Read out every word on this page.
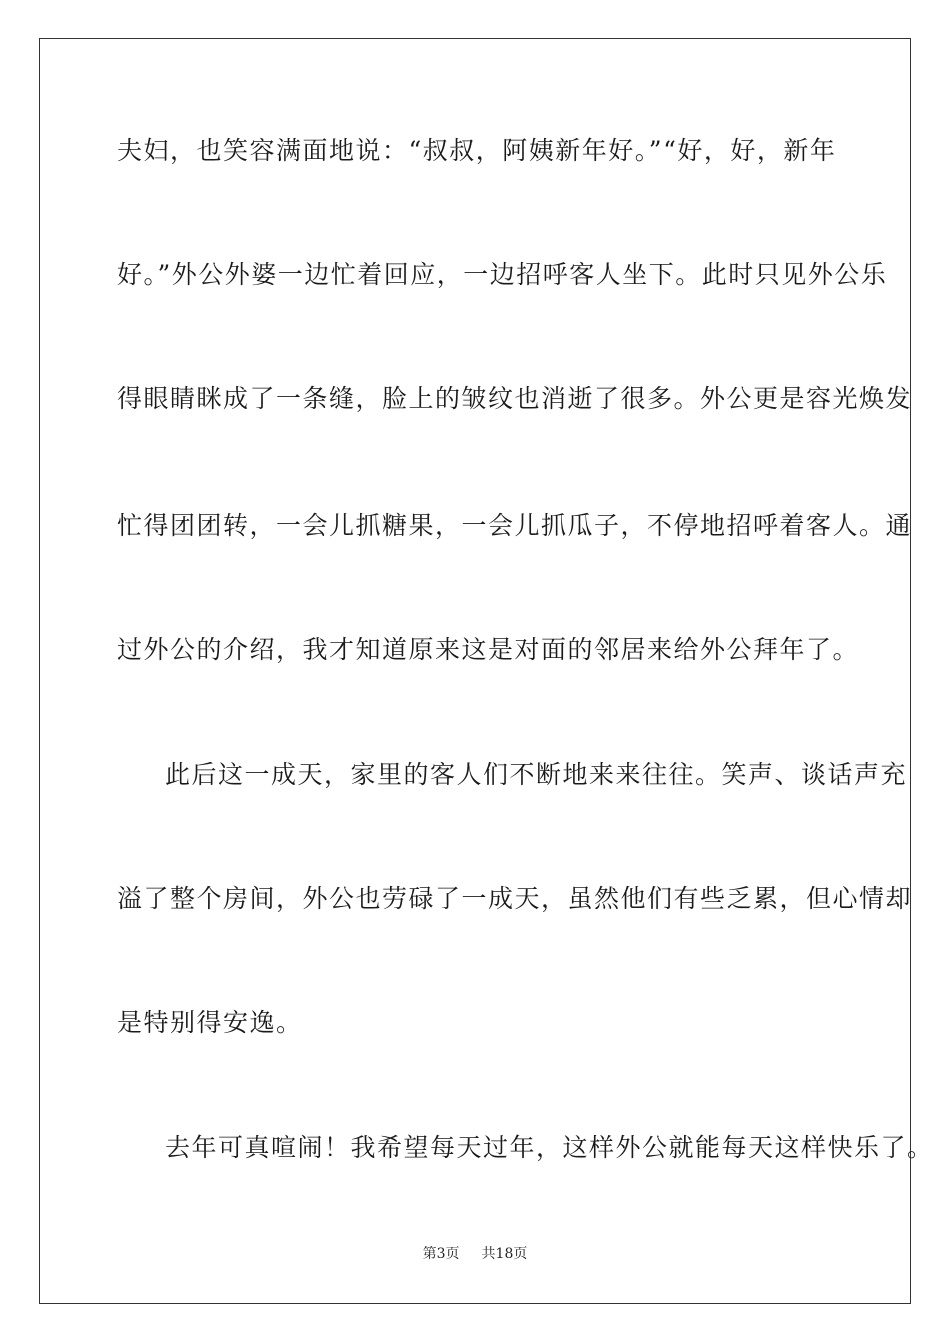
夫妇，也笑容满面地说：“叔叔，阿姨新年好。”“好，好，新年
好。”外公外婆一边忙着回应，一边招呼客人坐下。此时只见外公乐
得眼睛眯成了一条缝，脸上的皱纹也消逝了很多。外公更是容光焕发
忙得团团转，一会儿抓糖果，一会儿抓瓜子，不停地招呼着客人。通
过外公的介绍，我才知道原来这是对面的邻居来给外公拜年了。
此后这一成天，家里的客人们不断地来来往往。笑声、谈话声充
溢了整个房间，外公也劳碌了一成天，虽然他们有些乏累，但心情却
是特别得安逸。
去年可真喧闹！我希望每天过年，这样外公就能每天这样快乐了。
第3页 共18页
